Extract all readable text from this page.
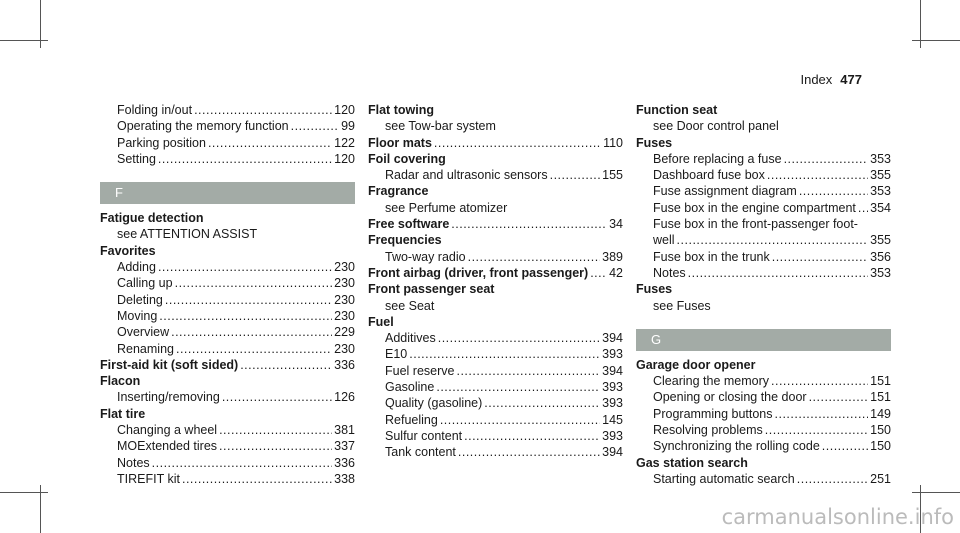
Index 477
Folding in/out .....	120
Operating the memory function .....	99
Parking position .....	122
Setting .....	120
F
Fatigue detection
see ATTENTION ASSIST
Favorites
Adding .....	230
Calling up .....	230
Deleting .....	230
Moving .....	230
Overview .....	229
Renaming .....	230
First-aid kit (soft sided) .....	336
Flacon
Inserting/removing .....	126
Flat tire
Changing a wheel .....	381
MOExtended tires .....	337
Notes .....	336
TIREFIT kit .....	338
Flat towing
see Tow-bar system
Floor mats .....	110
Foil covering
Radar and ultrasonic sensors .....	155
Fragrance
see Perfume atomizer
Free software .....	34
Frequencies
Two-way radio .....	389
Front airbag (driver, front passenger) ..... 42
Front passenger seat
see Seat
Fuel
Additives .....	394
E10 .....	393
Fuel reserve .....	394
Gasoline .....	393
Quality (gasoline) .....	393
Refueling .....	145
Sulfur content .....	393
Tank content .....	394
Function seat
see Door control panel
Fuses
Before replacing a fuse .....	353
Dashboard fuse box .....	355
Fuse assignment diagram .....	353
Fuse box in the engine compartment ..... 354
Fuse box in the front-passenger foot-
well .....	355
Fuse box in the trunk .....	356
Notes .....	353
Fuses
see Fuses
G
Garage door opener
Clearing the memory .....	151
Opening or closing the door .....	151
Programming buttons .....	149
Resolving problems .....	150
Synchronizing the rolling code .....	150
Gas station search
Starting automatic search .....	251
carmanualsonline.info
